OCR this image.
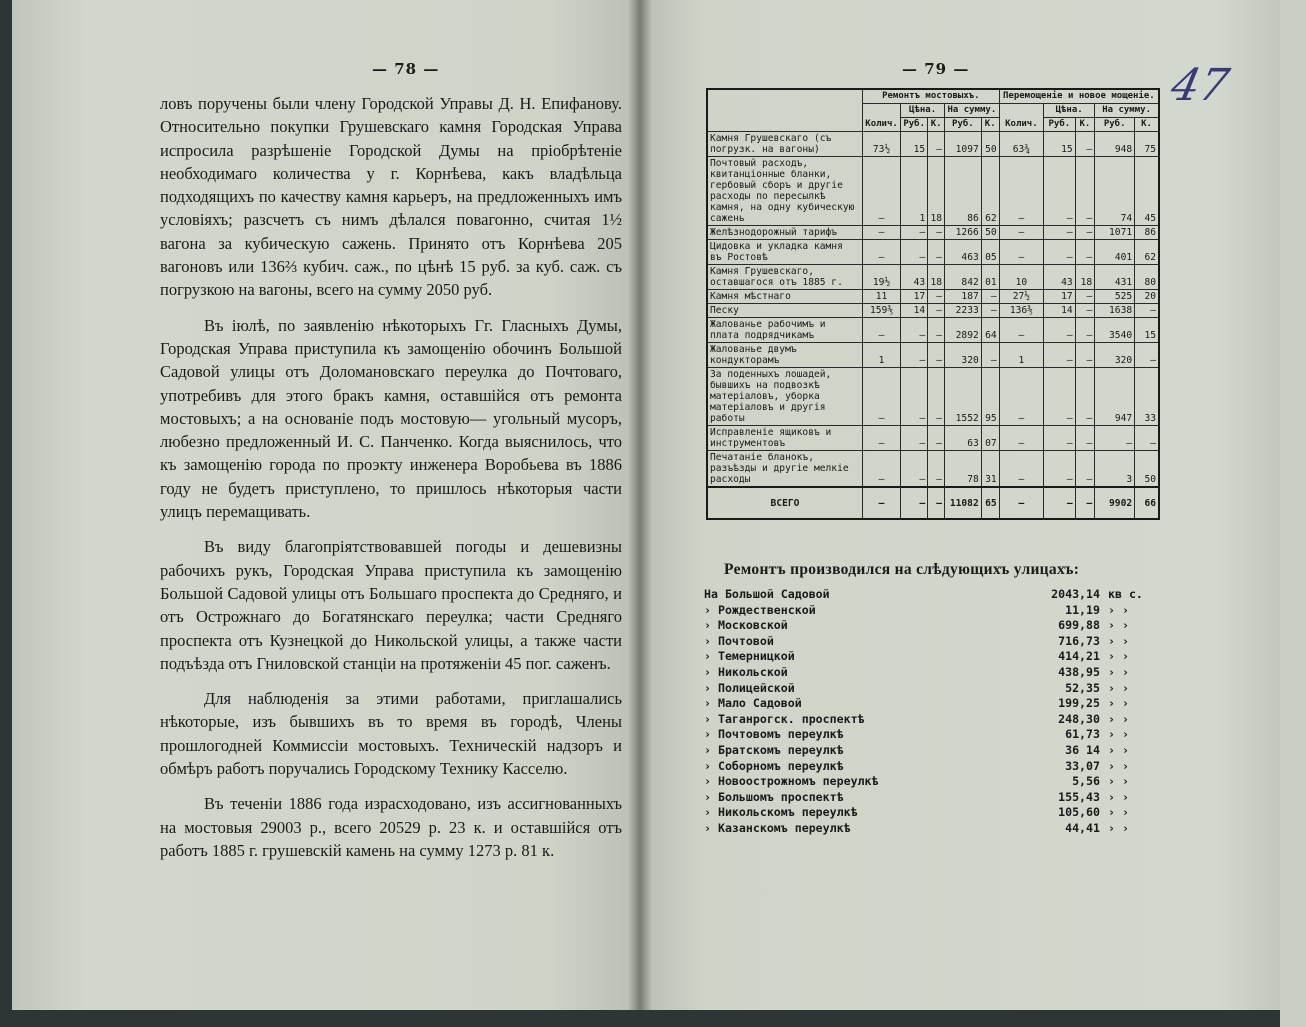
— 78 —

ловъ поручены были члену Городской Управы Д. Н. Епифанову. Относительно покупки Грушевскаго камня Городская Управа испросила разрѣшеніе Городской Думы на пріобрѣтеніе необходимаго количества у г. Корнѣева, какъ владѣльца подходящихъ по качеству камня карьеръ, на предложенныхъ имъ условіяхъ; разсчетъ съ нимъ дѣлался повагонно, считая 1½ вагона за кубическую сажень. Принято отъ Корнѣева 205 вагоновъ или 136⅔ кубич. саж., по цѣнѣ 15 руб. за куб. саж. съ погрузкою на вагоны, всего на сумму 2050 руб.

Въ іюлѣ, по заявленію нѣкоторыхъ Гг. Гласныхъ Думы, Городская Управа приступила къ замощенію обочинъ Большой Садовой улицы отъ Доломановскаго переулка до Почтоваго, употребивъ для этого бракъ камня, оставшійся отъ ремонта мостовыхъ; а на основаніе подъ мостовую— угольный мусоръ, любезно предложенный И. С. Панченко. Когда выяснилось, что къ замощенію города по проэкту инженера Воробьева въ 1886 году не будетъ приступлено, то пришлось нѣкоторыя части улицъ перемащивать.

Въ виду благопріятствовавшей погоды и дешевизны рабочихъ рукъ, Городская Управа приступила къ замощенію Большой Садовой улицы отъ Большаго проспекта до Средняго, и отъ Острожнаго до Богатянскаго переулка; части Средняго проспекта отъ Кузнецкой до Никольской улицы, а также части подъѣзда отъ Гниловской станціи на протяженіи 45 пог. саженъ.

Для наблюденія за этими работами, приглашались нѣкоторые, изъ бывшихъ въ то время въ городѣ, Члены прошлогодней Коммиссіи мостовыхъ. Техническій надзоръ и обмѣръ работъ поручались Городскому Технику Касселю.

Въ теченіи 1886 года израсходовано, изъ ассигнованныхъ на мостовыя 29003 р., всего 20529 р. 23 к. и оставшійся отъ работъ 1885 г. грушевскій камень на сумму 1273 р. 81 к.

— 79 —	47
	Ремонтъ мостовыхъ.					Перемощеніе и новое мощеніе.				
	Колич.	Цѣна.		На сумму.		Колич.	Цѣна.		На сумму.	
		Руб.	К.	Руб.	К.		Руб.	К.	Руб.	К.
Камня Грушевскаго (съ погрузк. на вагоны)	73½	15	—	1097	50	63¾	15	—	948	75
Почтовый расходъ, квитанціонные бланки, гербовый сборъ и другіе расходы по пересылкѣ камня, на одну кубическую сажень	—	1	18	86	62	—	—	—	74	45
Желѣзнодорожный тарифъ	—	—	—	1266	50	—	—	—	1071	86
Цидовка и укладка камня въ Ростовѣ	—	—	—	463	05	—	—	—	401	62
Камня Грушевскаго, оставшагося отъ 1885 г.	19½	43	18	842	01	10	43	18	431	80
Камня мѣстнаго	11	17	—	187	—	27½	17	—	525	20
Песку	159⅗	14	—	2233	—	136⅗	14	—	1638	—
Жалованье рабочимъ и плата подрядчикамъ	—	—	—	2892	64	—	—	—	3540	15
Жалованье двумъ кондукторамъ	1	—	—	320	—	1	—	—	320	—
За поденныхъ лошадей, бывшихъ на подвозкѣ матеріаловъ, уборка матеріаловъ и другія работы	—	—	—	1552	95	—	—	—	947	33
Исправленіе ящиковъ и инструментовъ	—	—	—	63	07	—	—	—	—	—
Печатаніе бланокъ, разъѣзды и другіе мелкіе расходы	—	—	—	78	31	—	—	—	3	50
ВСЕГО	—	—	—	11082	65	—	—	—	9902	66
Ремонтъ производился на слѣдующихъ улицахъ:
На Большой Садовой	2043,14 кв с.
› Рождественской	11,19 › ›
› Московской	699,88 › ›
› Почтовой	716,73 › ›
› Темерницкой	414,21 › ›
› Никольской	438,95 › ›
› Полицейской	52,35 › ›
› Мало Садовой	199,25 › ›
› Таганрогск. проспектѣ	248,30 › ›
› Почтовомъ переулкѣ	61,73 › ›
› Братскомъ переулкѣ	36 14 › ›
› Соборномъ переулкѣ	33,07 › ›
› Новоострожномъ переулкѣ	5,56 › ›
› Большомъ проспектѣ	155,43 › ›
› Никольскомъ переулкѣ	105,60 › ›
› Казанскомъ переулкѣ	44,41 › ›
